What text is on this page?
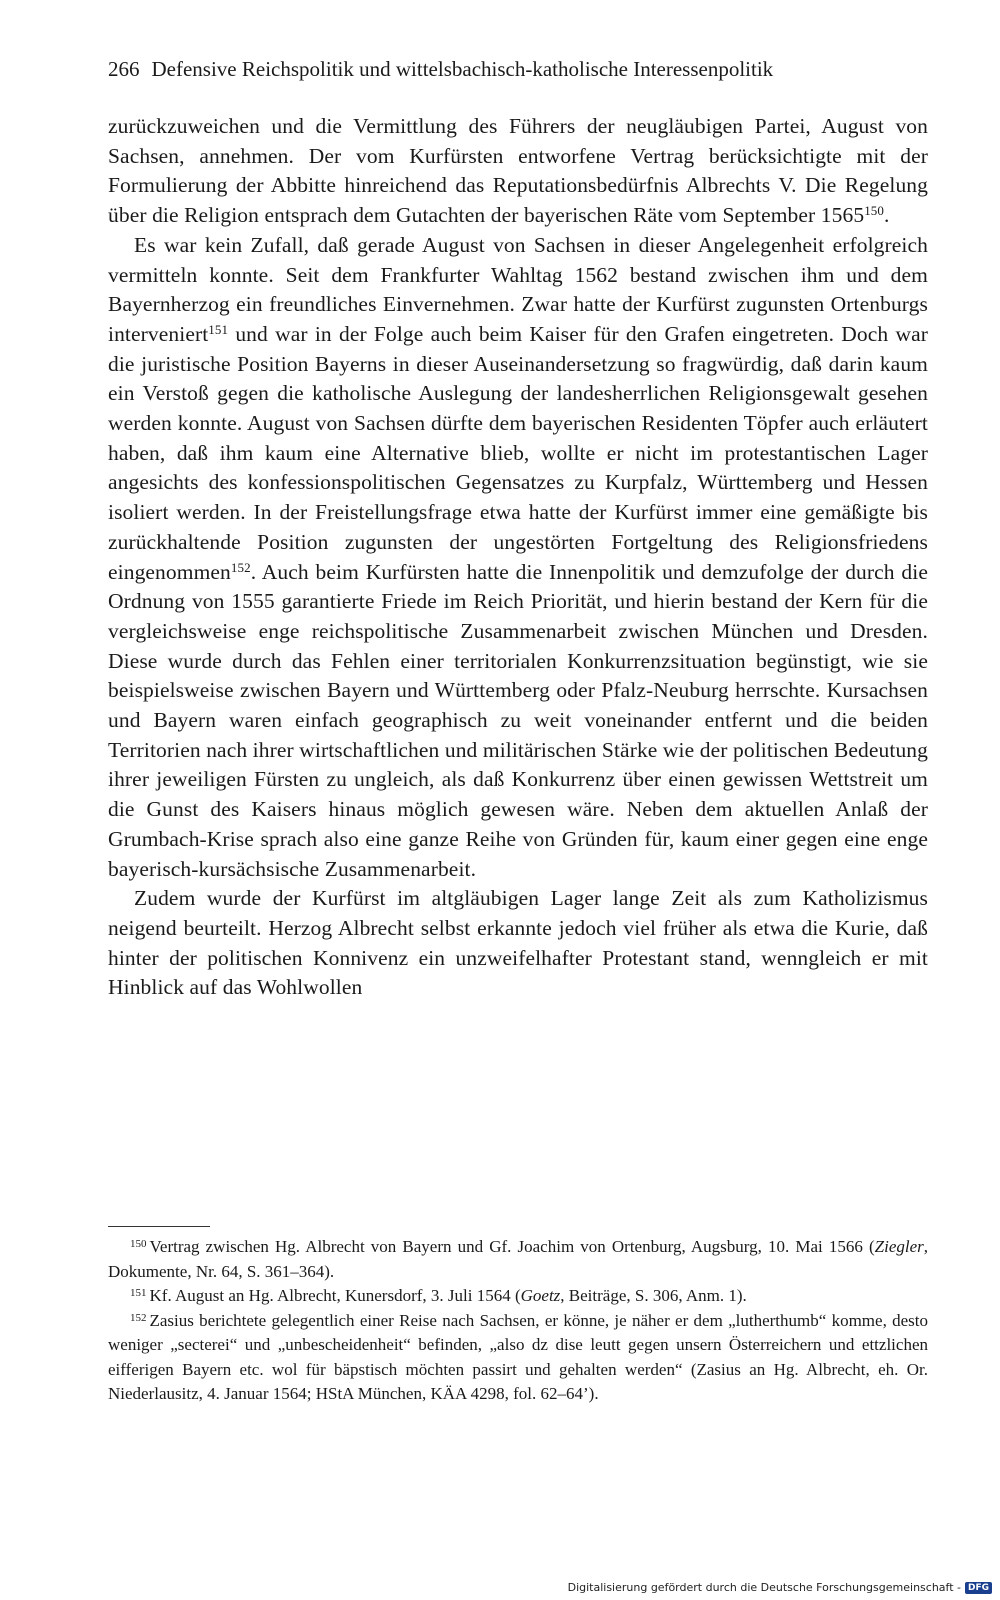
266 Defensive Reichspolitik und wittelsbachisch-katholische Interessenpolitik

zurückzuweichen und die Vermittlung des Führers der neugläubigen Partei, August von Sachsen, annehmen. Der vom Kurfürsten entworfene Vertrag berücksichtigte mit der Formulierung der Abbitte hinreichend das Reputationsbedürfnis Albrechts V. Die Regelung über die Religion entsprach dem Gutachten der bayerischen Räte vom September 1565$^{150}$.

Es war kein Zufall, daß gerade August von Sachsen in dieser Angelegenheit erfolgreich vermitteln konnte. Seit dem Frankfurter Wahltag 1562 bestand zwischen ihm und dem Bayernherzog ein freundliches Einvernehmen. Zwar hatte der Kurfürst zugunsten Ortenburgs interveniert$^{151}$ und war in der Folge auch beim Kaiser für den Grafen eingetreten. Doch war die juristische Position Bayerns in dieser Auseinandersetzung so fragwürdig, daß darin kaum ein Verstoß gegen die katholische Auslegung der landesherrlichen Religionsgewalt gesehen werden konnte. August von Sachsen dürfte dem bayerischen Residenten Töpfer auch erläutert haben, daß ihm kaum eine Alternative blieb, wollte er nicht im protestantischen Lager angesichts des konfessionspolitischen Gegensatzes zu Kurpfalz, Württemberg und Hessen isoliert werden. In der Freistellungsfrage etwa hatte der Kurfürst immer eine gemäßigte bis zurückhaltende Position zugunsten der ungestörten Fortgeltung des Religionsfriedens eingenommen$^{152}$. Auch beim Kurfürsten hatte die Innenpolitik und demzufolge der durch die Ordnung von 1555 garantierte Friede im Reich Priorität, und hierin bestand der Kern für die vergleichsweise enge reichspolitische Zusammenarbeit zwischen München und Dresden. Diese wurde durch das Fehlen einer territorialen Konkurrenzsituation begünstigt, wie sie beispielsweise zwischen Bayern und Württemberg oder Pfalz-Neuburg herrschte. Kursachsen und Bayern waren einfach geographisch zu weit voneinander entfernt und die beiden Territorien nach ihrer wirtschaftlichen und militärischen Stärke wie der politischen Bedeutung ihrer jeweiligen Fürsten zu ungleich, als daß Konkurrenz über einen gewissen Wettstreit um die Gunst des Kaisers hinaus möglich gewesen wäre. Neben dem aktuellen Anlaß der Grumbach-Krise sprach also eine ganze Reihe von Gründen für, kaum einer gegen eine enge bayerisch-kursächsische Zusammenarbeit.

Zudem wurde der Kurfürst im altgläubigen Lager lange Zeit als zum Katholizismus neigend beurteilt. Herzog Albrecht selbst erkannte jedoch viel früher als etwa die Kurie, daß hinter der politischen Konnivenz ein unzweifelhafter Protestant stand, wenngleich er mit Hinblick auf das Wohlwollen

$^{150}$ Vertrag zwischen Hg. Albrecht von Bayern und Gf. Joachim von Ortenburg, Augsburg, 10. Mai 1566 (Ziegler, Dokumente, Nr. 64, S. 361–364).

$^{151}$ Kf. August an Hg. Albrecht, Kunersdorf, 3. Juli 1564 (Goetz, Beiträge, S. 306, Anm. 1).

$^{152}$ Zasius berichtete gelegentlich einer Reise nach Sachsen, er könne, je näher er dem „lutherthumb“ komme, desto weniger „secterei“ und „unbescheidenheit“ befinden, „also dz dise leutt gegen unsern Österreichern und ettzlichen eifferigen Bayern etc. wol für bäpstisch möchten passirt und gehalten werden“ (Zasius an Hg. Albrecht, eh. Or. Niederlausitz, 4. Januar 1564; HStA München, KÄA 4298, fol. 62–64’).

Digitalisierung gefördert durch die Deutsche Forschungsgemeinschaft - DFG
